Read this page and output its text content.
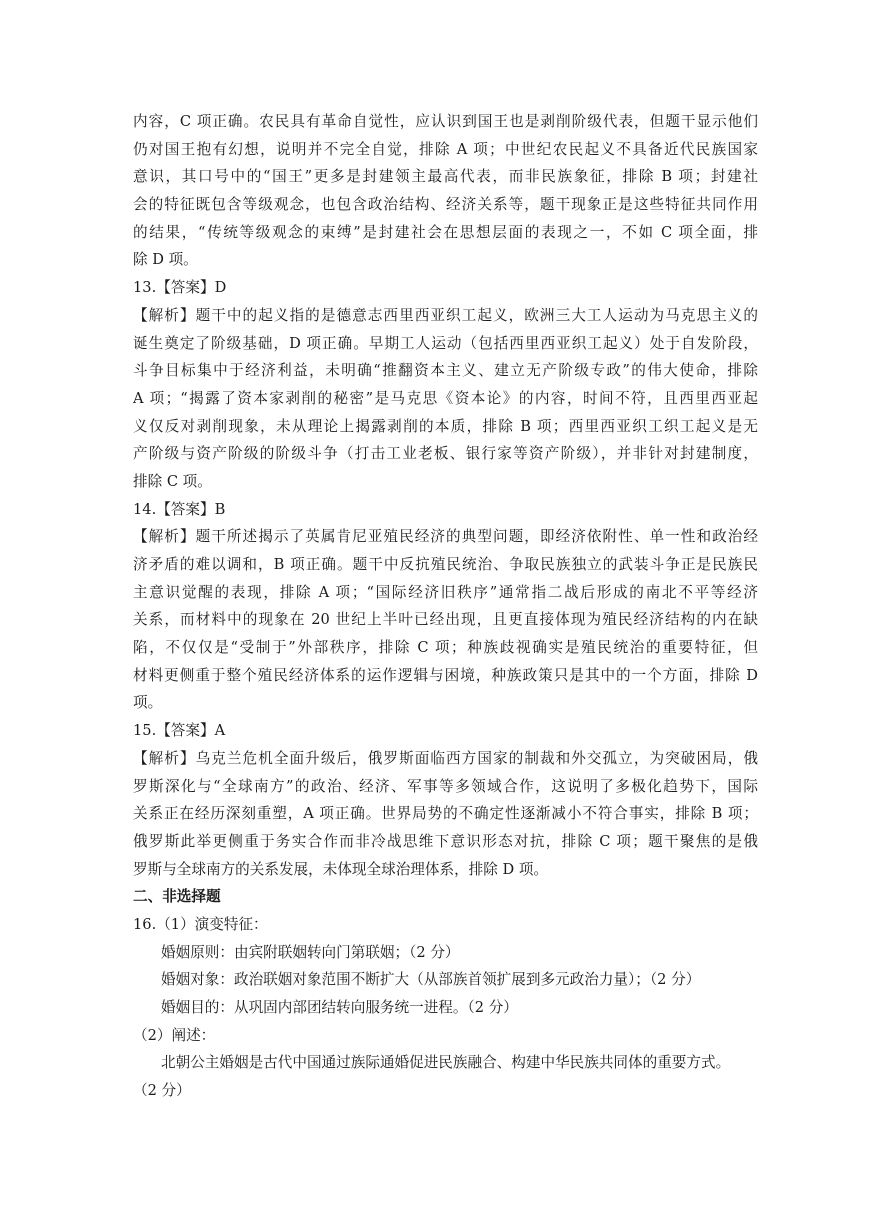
内容，C 项正确。农民具有革命自觉性，应认识到国王也是剥削阶级代表，但题干显示他们
仍对国王抱有幻想，说明并不完全自觉，排除 A 项；中世纪农民起义不具备近代民族国家
意识，其口号中的“国王”更多是封建领主最高代表，而非民族象征，排除 B 项；封建社
会的特征既包含等级观念，也包含政治结构、经济关系等，题干现象正是这些特征共同作用
的结果，“传统等级观念的束缚”是封建社会在思想层面的表现之一，不如 C 项全面，排
除 D 项。
13.【答案】D
【解析】题干中的起义指的是德意志西里西亚织工起义，欧洲三大工人运动为马克思主义的
诞生奠定了阶级基础，D 项正确。早期工人运动（包括西里西亚织工起义）处于自发阶段，
斗争目标集中于经济利益，未明确“推翻资本主义、建立无产阶级专政”的伟大使命，排除
A 项；“揭露了资本家剥削的秘密”是马克思《资本论》的内容，时间不符，且西里西亚起
义仅反对剥削现象，未从理论上揭露剥削的本质，排除 B 项；西里西亚织工织工起义是无
产阶级与资产阶级的阶级斗争（打击工业老板、银行家等资产阶级），并非针对封建制度，
排除 C 项。
14.【答案】B
【解析】题干所述揭示了英属肯尼亚殖民经济的典型问题，即经济依附性、单一性和政治经
济矛盾的难以调和，B 项正确。题干中反抗殖民统治、争取民族独立的武装斗争正是民族民
主意识觉醒的表现，排除 A 项；“国际经济旧秩序”通常指二战后形成的南北不平等经济
关系，而材料中的现象在 20 世纪上半叶已经出现，且更直接体现为殖民经济结构的内在缺
陷，不仅仅是“受制于”外部秩序，排除 C 项；种族歧视确实是殖民统治的重要特征，但
材料更侧重于整个殖民经济体系的运作逻辑与困境，种族政策只是其中的一个方面，排除 D
项。
15.【答案】A
【解析】乌克兰危机全面升级后，俄罗斯面临西方国家的制裁和外交孤立，为突破困局，俄
罗斯深化与“全球南方”的政治、经济、军事等多领域合作，这说明了多极化趋势下，国际
关系正在经历深刻重塑，A 项正确。世界局势的不确定性逐渐减小不符合事实，排除 B 项；
俄罗斯此举更侧重于务实合作而非冷战思维下意识形态对抗，排除 C 项；题干聚焦的是俄
罗斯与全球南方的关系发展，未体现全球治理体系，排除 D 项。
二、非选择题
16.（1）演变特征：
婚姻原则：由宾附联姻转向门第联姻；（2 分）
婚姻对象：政治联姻对象范围不断扩大（从部族首领扩展到多元政治力量）；（2 分）
婚姻目的：从巩固内部团结转向服务统一进程。（2 分）
（2）阐述：
北朝公主婚姻是古代中国通过族际通婚促进民族融合、构建中华民族共同体的重要方式。
（2 分）
